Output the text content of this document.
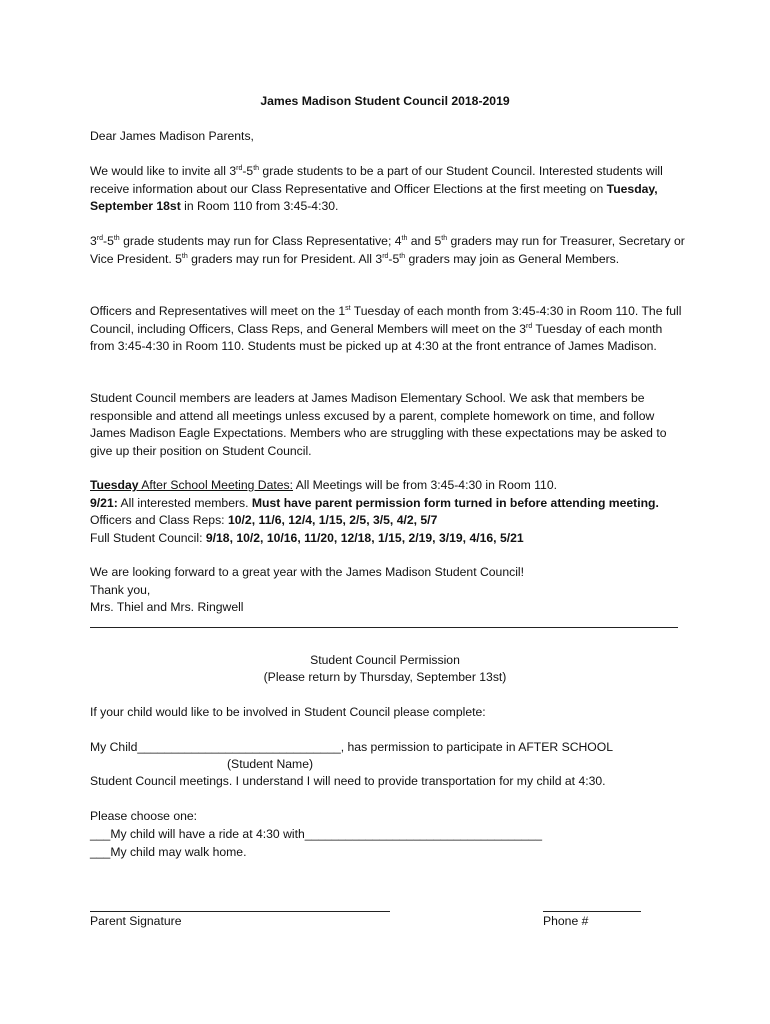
James Madison Student Council 2018-2019

Dear James Madison Parents,

We would like to invite all 3rd-5th grade students to be a part of our Student Council. Interested students will receive information about our Class Representative and Officer Elections at the first meeting on Tuesday, September 18st in Room 110 from 3:45-4:30.

3rd-5th grade students may run for Class Representative; 4th and 5th graders may run for Treasurer, Secretary or Vice President. 5th graders may run for President. All 3rd-5th graders may join as General Members.

Officers and Representatives will meet on the 1st Tuesday of each month from 3:45-4:30 in Room 110. The full Council, including Officers, Class Reps, and General Members will meet on the 3rd Tuesday of each month from 3:45-4:30 in Room 110. Students must be picked up at 4:30 at the front entrance of James Madison.

Student Council members are leaders at James Madison Elementary School. We ask that members be responsible and attend all meetings unless excused by a parent, complete homework on time, and follow James Madison Eagle Expectations. Members who are struggling with these expectations may be asked to give up their position on Student Council.

Tuesday After School Meeting Dates: All Meetings will be from 3:45-4:30 in Room 110.
9/21: All interested members. Must have parent permission form turned in before attending meeting.
Officers and Class Reps: 10/2, 11/6, 12/4, 1/15, 2/5, 3/5, 4/2, 5/7
Full Student Council: 9/18, 10/2, 10/16, 11/20, 12/18, 1/15, 2/19, 3/19, 4/16, 5/21
We are looking forward to a great year with the James Madison Student Council!
Thank you,
Mrs. Thiel and Mrs. Ringwell

Student Council Permission

(Please return by Thursday, September 13st)

If your child would like to be involved in Student Council please complete:

My Child______________________________, has permission to participate in AFTER SCHOOL

(Student Name)

Student Council meetings. I understand I will need to provide transportation for my child at 4:30.

Please choose one:

___My child will have a ride at 4:30 with___________________________________

___My child may walk home.

Parent Signature	Phone #
